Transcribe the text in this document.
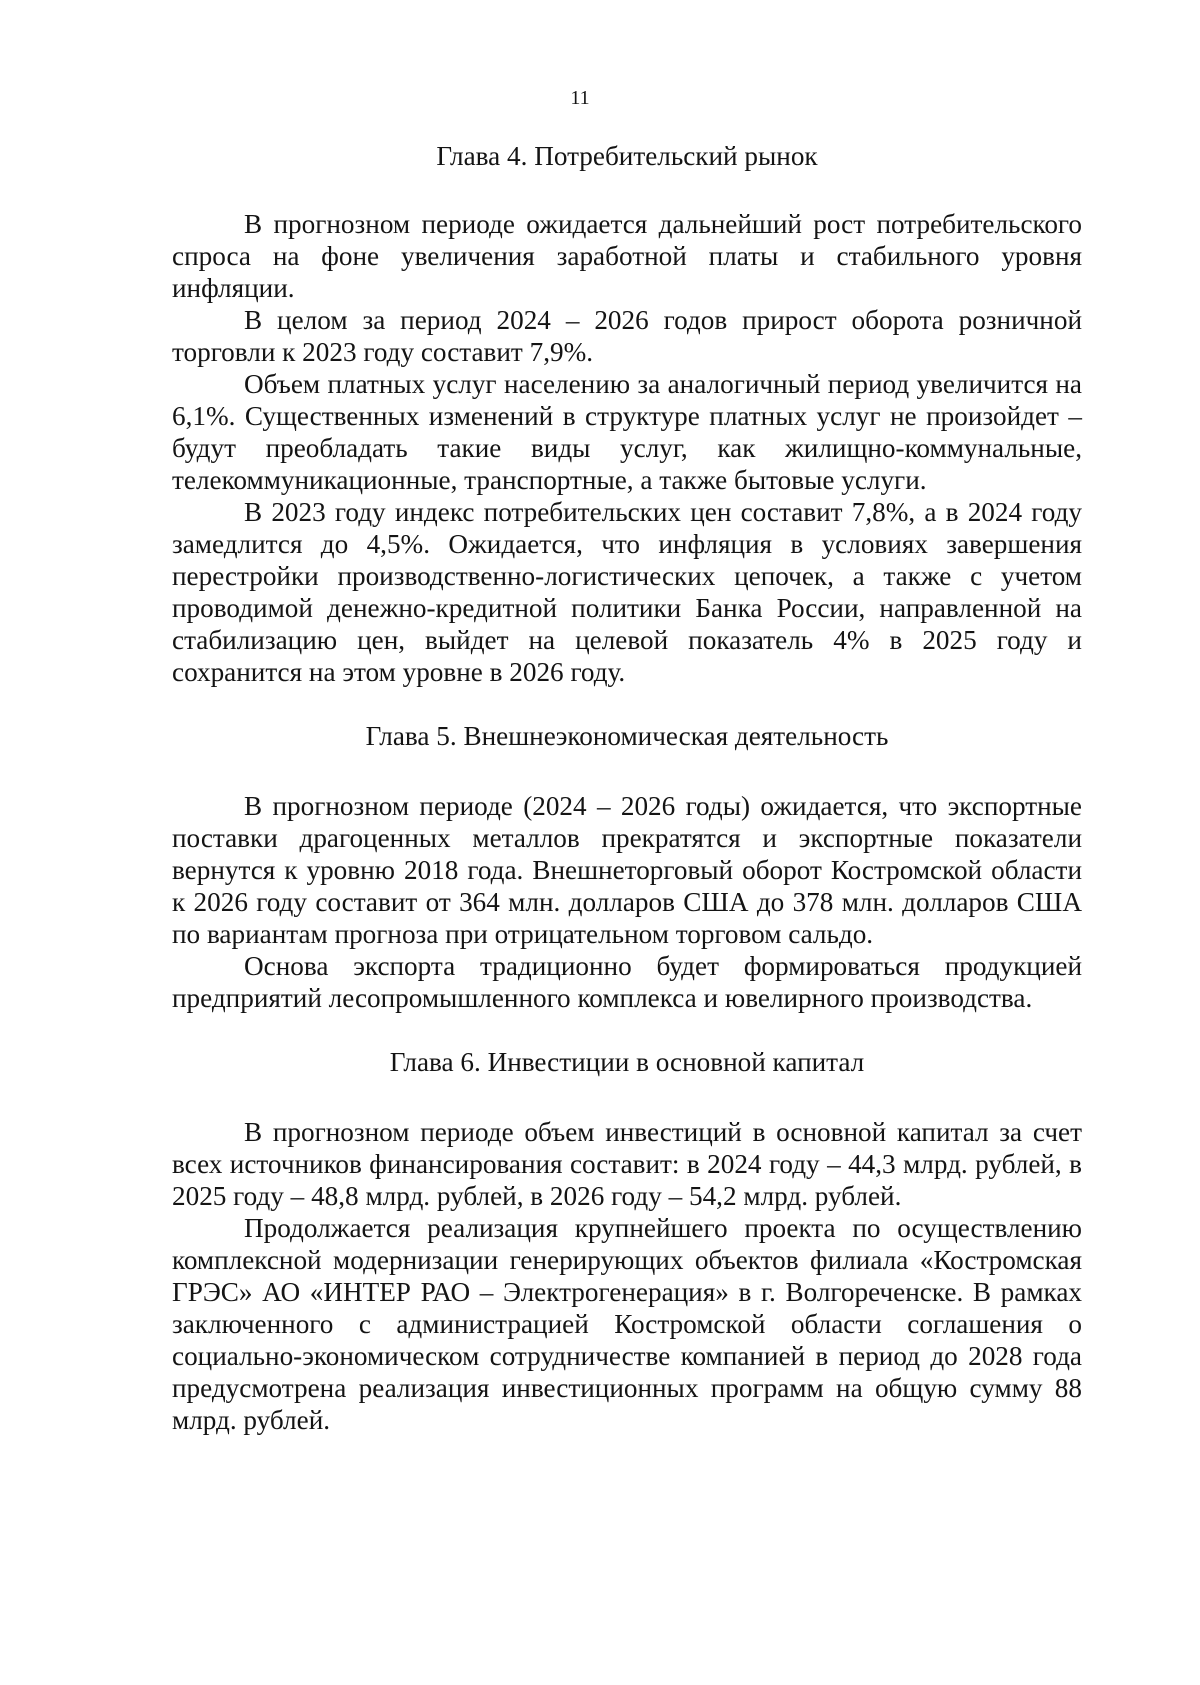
11
Глава 4. Потребительский рынок

В прогнозном периоде ожидается дальнейший рост потребительского спроса на фоне увеличения заработной платы и стабильного уровня инфляции.

В целом за период 2024 – 2026 годов прирост оборота розничной торговли к 2023 году составит 7,9%.

Объем платных услуг населению за аналогичный период увеличится на 6,1%. Существенных изменений в структуре платных услуг не произойдет – будут преобладать такие виды услуг, как жилищно-коммунальные, телекоммуникационные, транспортные, а также бытовые услуги.

В 2023 году индекс потребительских цен составит 7,8%, а в 2024 году замедлится до 4,5%. Ожидается, что инфляция в условиях завершения перестройки производственно-логистических цепочек, а также с учетом проводимой денежно-кредитной политики Банка России, направленной на стабилизацию цен, выйдет на целевой показатель 4% в 2025 году и сохранится на этом уровне в 2026 году.

Глава 5. Внешнеэкономическая деятельность

В прогнозном периоде (2024 – 2026 годы) ожидается, что экспортные поставки драгоценных металлов прекратятся и экспортные показатели вернутся к уровню 2018 года. Внешнеторговый оборот Костромской области к 2026 году составит от 364 млн. долларов США до 378 млн. долларов США по вариантам прогноза при отрицательном торговом сальдо.

Основа экспорта традиционно будет формироваться продукцией предприятий лесопромышленного комплекса и ювелирного производства.

Глава 6. Инвестиции в основной капитал

В прогнозном периоде объем инвестиций в основной капитал за счет всех источников финансирования составит: в 2024 году – 44,3 млрд. рублей, в 2025 году – 48,8 млрд. рублей, в 2026 году – 54,2 млрд. рублей.

Продолжается реализация крупнейшего проекта по осуществлению комплексной модернизации генерирующих объектов филиала «Костромская ГРЭС» АО «ИНТЕР РАО – Электрогенерация» в г. Волгореченске. В рамках заключенного с администрацией Костромской области соглашения о социально-экономическом сотрудничестве компанией в период до 2028 года предусмотрена реализация инвестиционных программ на общую сумму 88 млрд. рублей.
